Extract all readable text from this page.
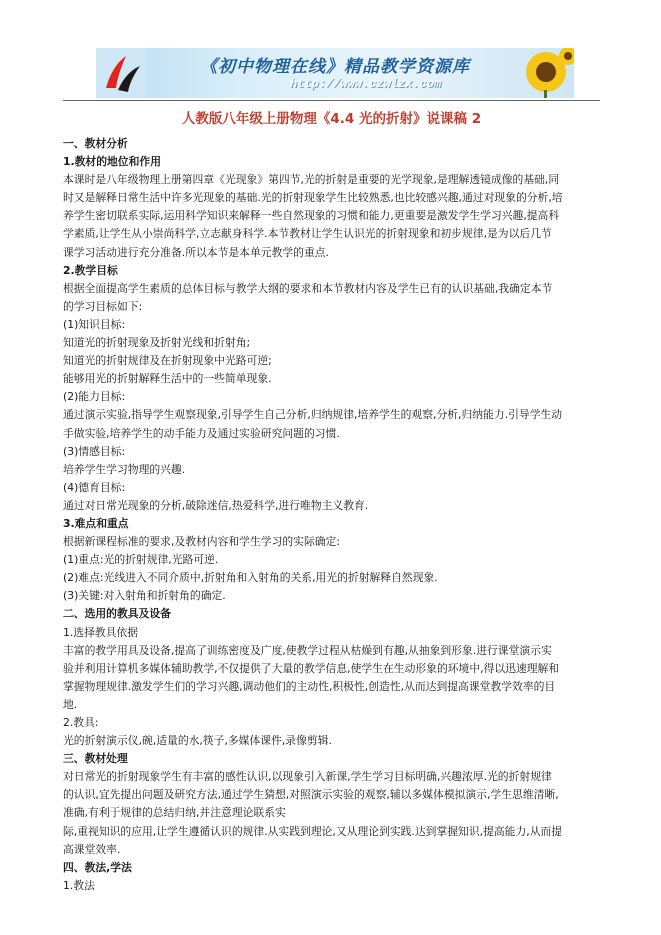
《初中物理在线》精品教学资源库
http://www.czwlzx.com
人教版八年级上册物理《4.4 光的折射》说课稿 2
一、教材分析
1.教材的地位和作用
本课时是八年级物理上册第四章《光现象》第四节,光的折射是重要的光学现象,是理解透镜成像的基础,同
时又是解释日常生活中许多光现象的基础.光的折射现象学生比较熟悉,也比较感兴趣,通过对现象的分析,培
养学生密切联系实际,运用科学知识来解释一些自然现象的习惯和能力,更重要是激发学生学习兴趣,提高科
学素质,让学生从小崇尚科学,立志献身科学.本节教材让学生认识光的折射现象和初步规律,是为以后几节
课学习活动进行充分准备.所以本节是本单元教学的重点.
2.教学目标
根据全面提高学生素质的总体目标与教学大纲的要求和本节教材内容及学生已有的认识基础,我确定本节
的学习目标如下:
(1)知识目标:
知道光的折射现象及折射光线和折射角;
知道光的折射规律及在折射现象中光路可逆;
能够用光的折射解释生活中的一些简单现象.
(2)能力目标:
通过演示实验,指导学生观察现象,引导学生自己分析,归纳规律,培养学生的观察,分析,归纳能力.引导学生动
手做实验,培养学生的动手能力及通过实验研究问题的习惯.
(3)情感目标:
培养学生学习物理的兴趣.
(4)德育目标:
通过对日常光现象的分析,破除迷信,热爱科学,进行唯物主义教育.
3.难点和重点
根据新课程标准的要求,及教材内容和学生学习的实际确定:
(1)重点:光的折射规律,光路可逆.
(2)难点:光线进入不同介质中,折射角和入射角的关系,用光的折射解释自然现象.
(3)关键:对入射角和折射角的确定.
二、选用的教具及设备
1.选择教具依据
丰富的教学用具及设备,提高了训练密度及广度,使教学过程从枯燥到有趣,从抽象到形象.进行课堂演示实
验并利用计算机多媒体辅助教学,不仅提供了大量的教学信息,使学生在生动形象的环境中,得以迅速理解和
掌握物理规律.激发学生们的学习兴趣,调动他们的主动性,积极性,创造性,从而达到提高课堂教学效率的目
地.
2.教具:
光的折射演示仪,碗,适量的水,筷子,多媒体课件,录像剪辑.
三、教材处理
对日常光的折射现象学生有丰富的感性认识,以现象引入新课,学生学习目标明确,兴趣浓厚.光的折射规律
的认识,宜先提出问题及研究方法,通过学生猜想,对照演示实验的观察,辅以多媒体模拟演示,学生思维清晰,
准确,有利于规律的总结归纳,并注意理论联系实
际,重视知识的应用,让学生遵循认识的规律.从实践到理论,又从理论到实践.达到掌握知识,提高能力,从而提
高课堂效率.
四、教法,学法
1.教法
